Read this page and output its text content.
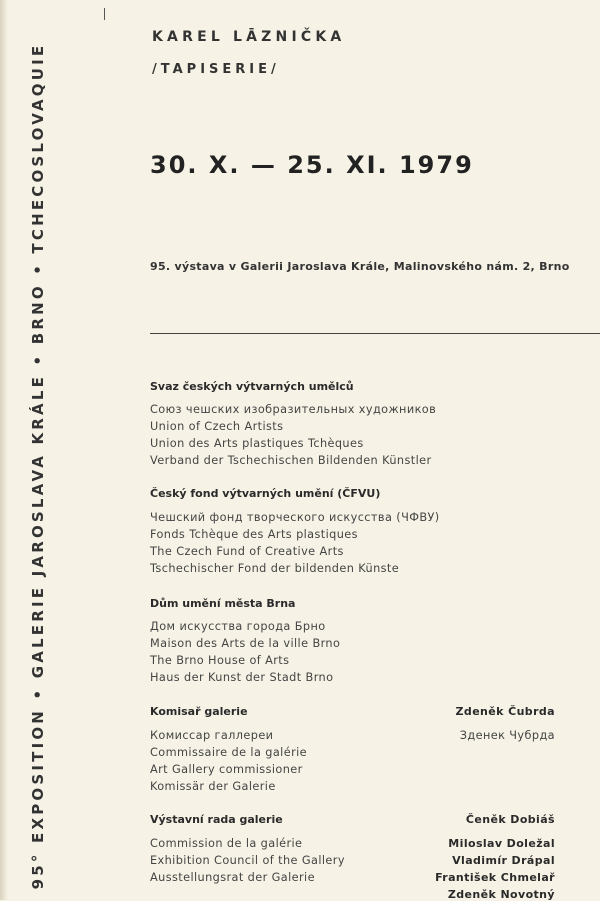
95° EXPOSITION • GALERIE JAROSLAVA KRÁLE • BRNO • TCHECOSLOVAQUIE
KAREL LĀZNIČKA
/TAPISERIE/
30. X. — 25. XI. 1979
95. výstava v Galerii Jaroslava Krále, Malinovského nám. 2, Brno
Svaz českých výtvarných umělců
Союз чешских изобразительных художников
Union of Czech Artists
Union des Arts plastiques Tchèques
Verband der Tschechischen Bildenden Künstler
Český fond výtvarných umění (ČFVU)
Чешский фонд творческого искусства (ЧФВУ)
Fonds Tchèque des Arts plastiques
The Czech Fund of Creative Arts
Tschechischer Fond der bildenden Künste
Dům umění města Brna
Дом искусства города Брно
Maison des Arts de la ville Brno
The Brno House of Arts
Haus der Kunst der Stadt Brno
Komisař galerie
Комиссар галлереи
Commissaire de la galérie
Art Gallery commissioner
Komissär der Galerie
Zdeněk Čubrda
Зденек Чубрда
Výstavní rada galerie
Commission de la galérie
Exhibition Council of the Gallery
Ausstellungsrat der Galerie
Čeněk Dobiáš
Miloslav Doležal
Vladimír Drápal
František Chmelař
Zdeněk Novotný
